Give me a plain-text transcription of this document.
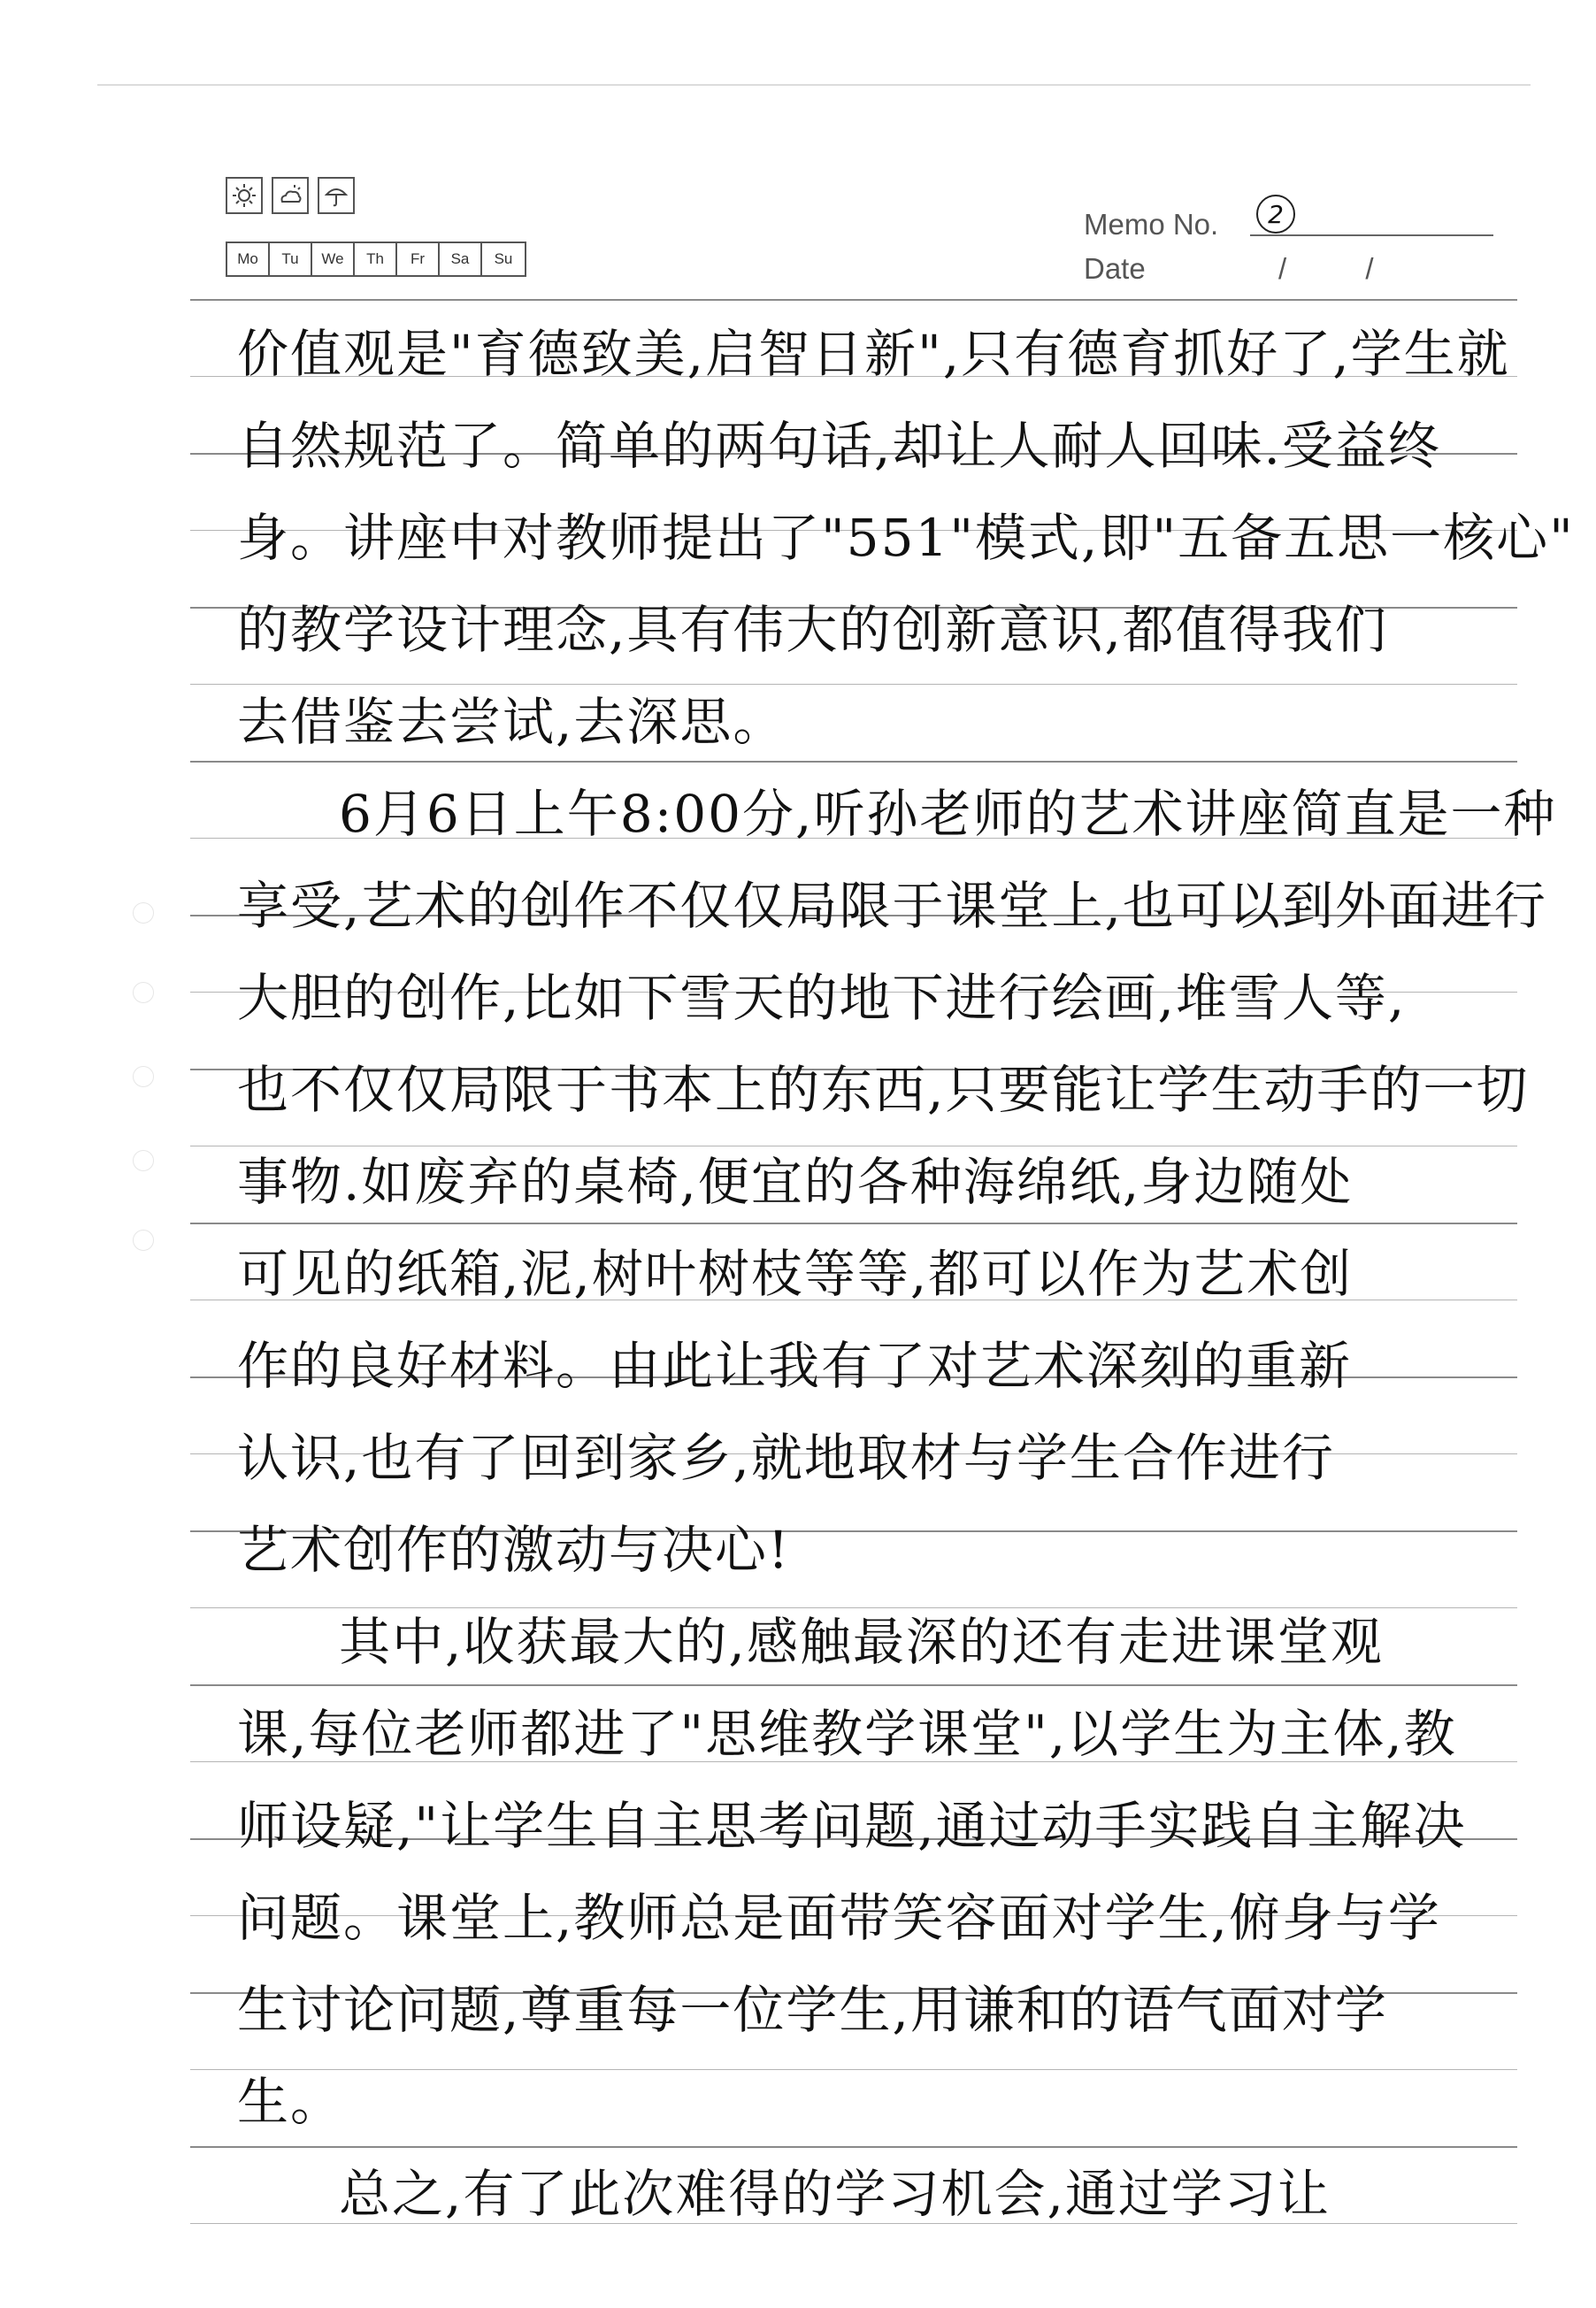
Mo	Tu	We	Th	Fr	Sa	Su
Memo No.	2
Date	/ /
价值观是"育德致美,启智日新",只有德育抓好了,学生就
自然规范了。简单的两句话,却让人耐人回味.受益终
身。讲座中对教师提出了"551"模式,即"五备五思一核心"
的教学设计理念,具有伟大的创新意识,都值得我们
去借鉴去尝试,去深思。
6月6日上午8:00分,听孙老师的艺术讲座简直是一种
享受,艺术的创作不仅仅局限于课堂上,也可以到外面进行
大胆的创作,比如下雪天的地下进行绘画,堆雪人等,
也不仅仅局限于书本上的东西,只要能让学生动手的一切
事物.如废弃的桌椅,便宜的各种海绵纸,身边随处
可见的纸箱,泥,树叶树枝等等,都可以作为艺术创
作的良好材料。由此让我有了对艺术深刻的重新
认识,也有了回到家乡,就地取材与学生合作进行
艺术创作的激动与决心!
其中,收获最大的,感触最深的还有走进课堂观
课,每位老师都进了"思维教学课堂",以学生为主体,教
师设疑,"让学生自主思考问题,通过动手实践自主解决
问题。课堂上,教师总是面带笑容面对学生,俯身与学
生讨论问题,尊重每一位学生,用谦和的语气面对学
生。
总之,有了此次难得的学习机会,通过学习让
